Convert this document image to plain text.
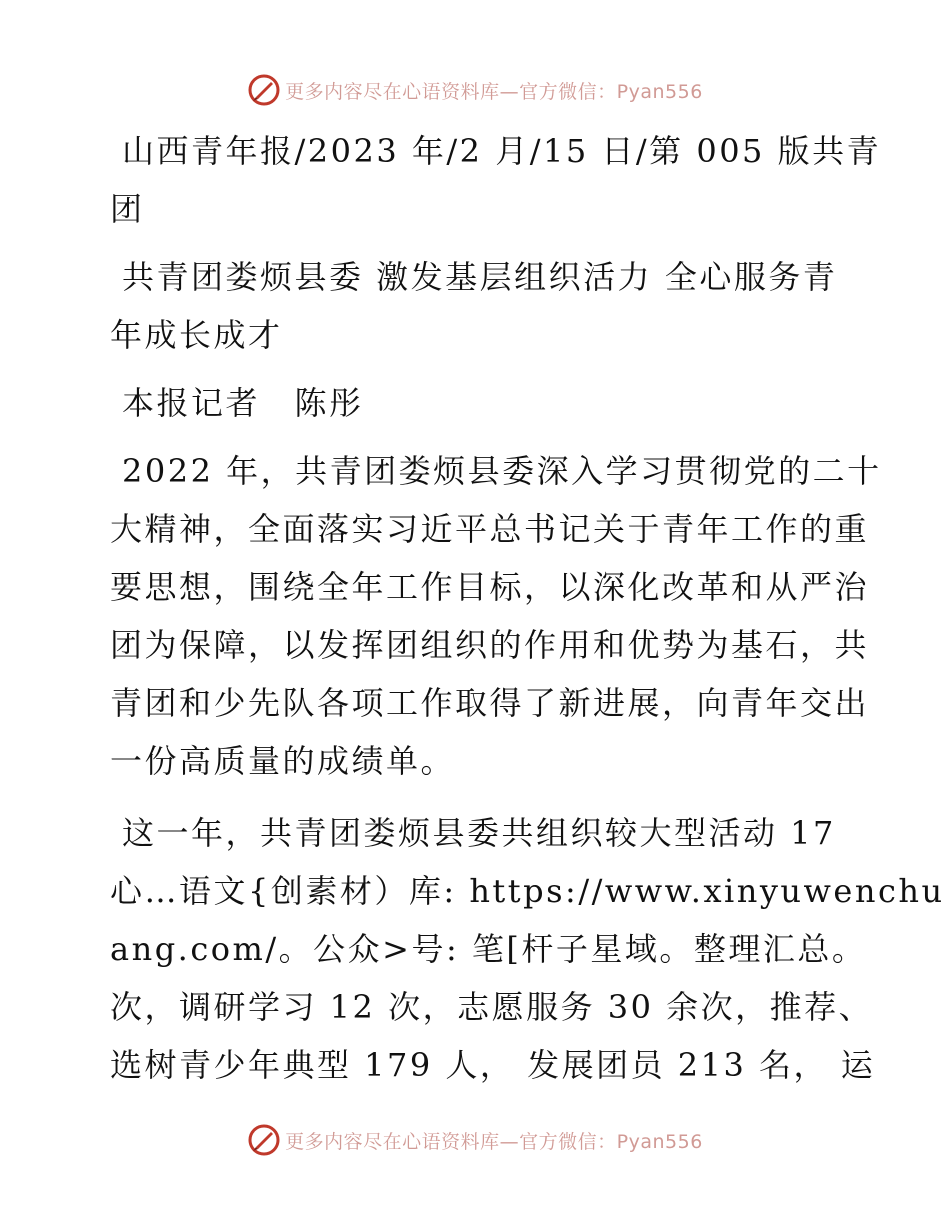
更多内容尽在心语资料库—官方微信：Pyan556
山西青年报/2023 年/2 月/15 日/第 005 版共青
团
共青团娄烦县委 激发基层组织活力 全心服务青
年成长成才
本报记者　陈彤
2022 年，共青团娄烦县委深入学习贯彻党的二十
大精神，全面落实习近平总书记关于青年工作的重
要思想，围绕全年工作目标，以深化改革和从严治
团为保障，以发挥团组织的作用和优势为基石，共
青团和少先队各项工作取得了新进展，向青年交出
一份高质量的成绩单。
这一年，共青团娄烦县委共组织较大型活动 17
心…语文{创素材）库: https://www.xinyuwenchu
ang.com/。公众>号: 笔[杆子星域。整理汇总。
次，调研学习 12 次，志愿服务 30 余次，推荐、
选树青少年典型 179 人， 发展团员 213 名， 运
更多内容尽在心语资料库—官方微信：Pyan556
